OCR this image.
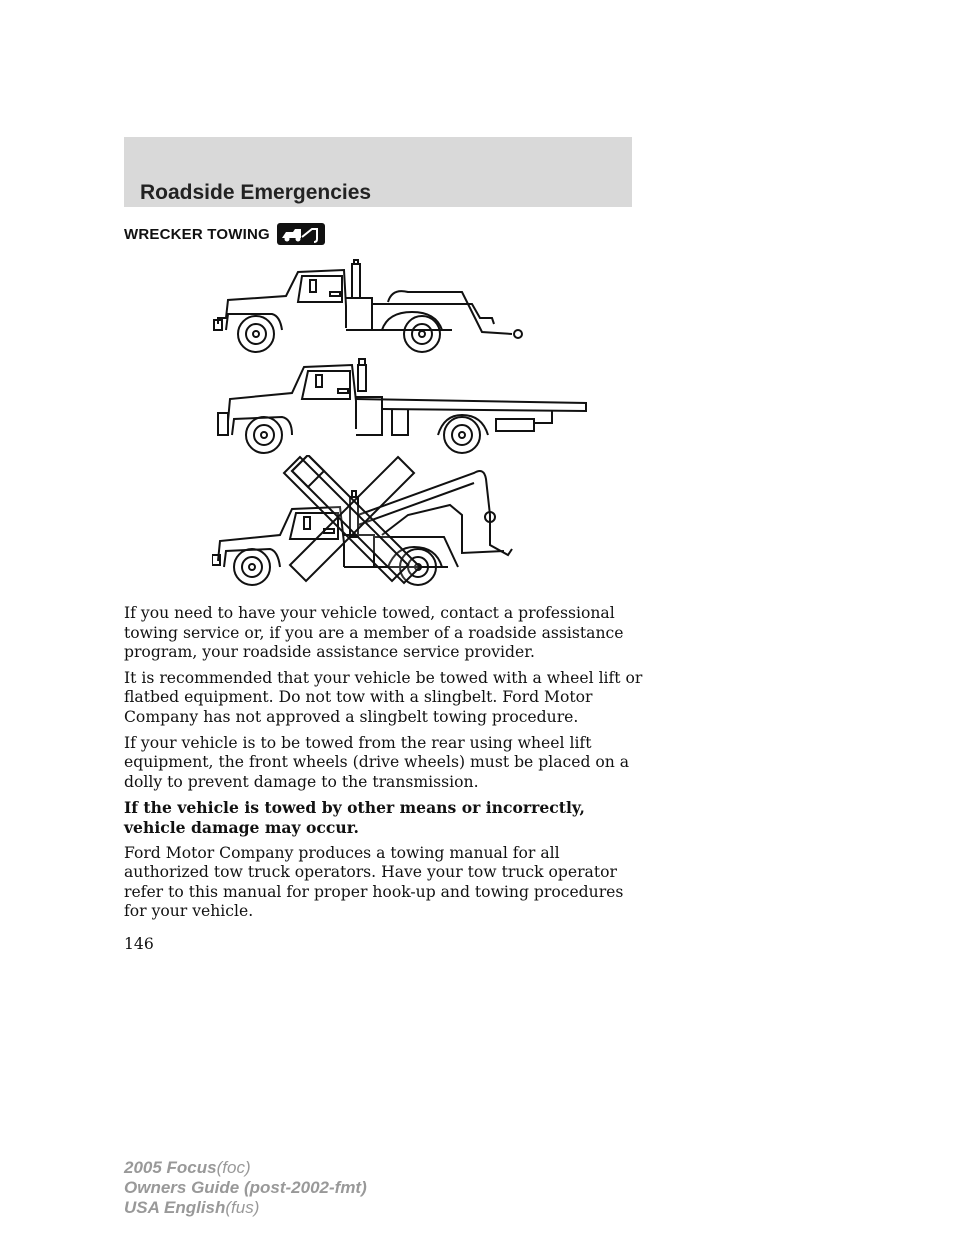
Roadside Emergencies
WRECKER TOWING

If you need to have your vehicle towed, contact a professional towing service or, if you are a member of a roadside assistance program, your roadside assistance service provider.

It is recommended that your vehicle be towed with a wheel lift or flatbed equipment. Do not tow with a slingbelt. Ford Motor Company has not approved a slingbelt towing procedure.

If your vehicle is to be towed from the rear using wheel lift equipment, the front wheels (drive wheels) must be placed on a dolly to prevent damage to the transmission.

If the vehicle is towed by other means or incorrectly, vehicle damage may occur.

Ford Motor Company produces a towing manual for all authorized tow truck operators. Have your tow truck operator refer to this manual for proper hook-up and towing procedures for your vehicle.

146
2005 Focus(foc)
Owners Guide (post-2002-fmt)
USA English(fus)
